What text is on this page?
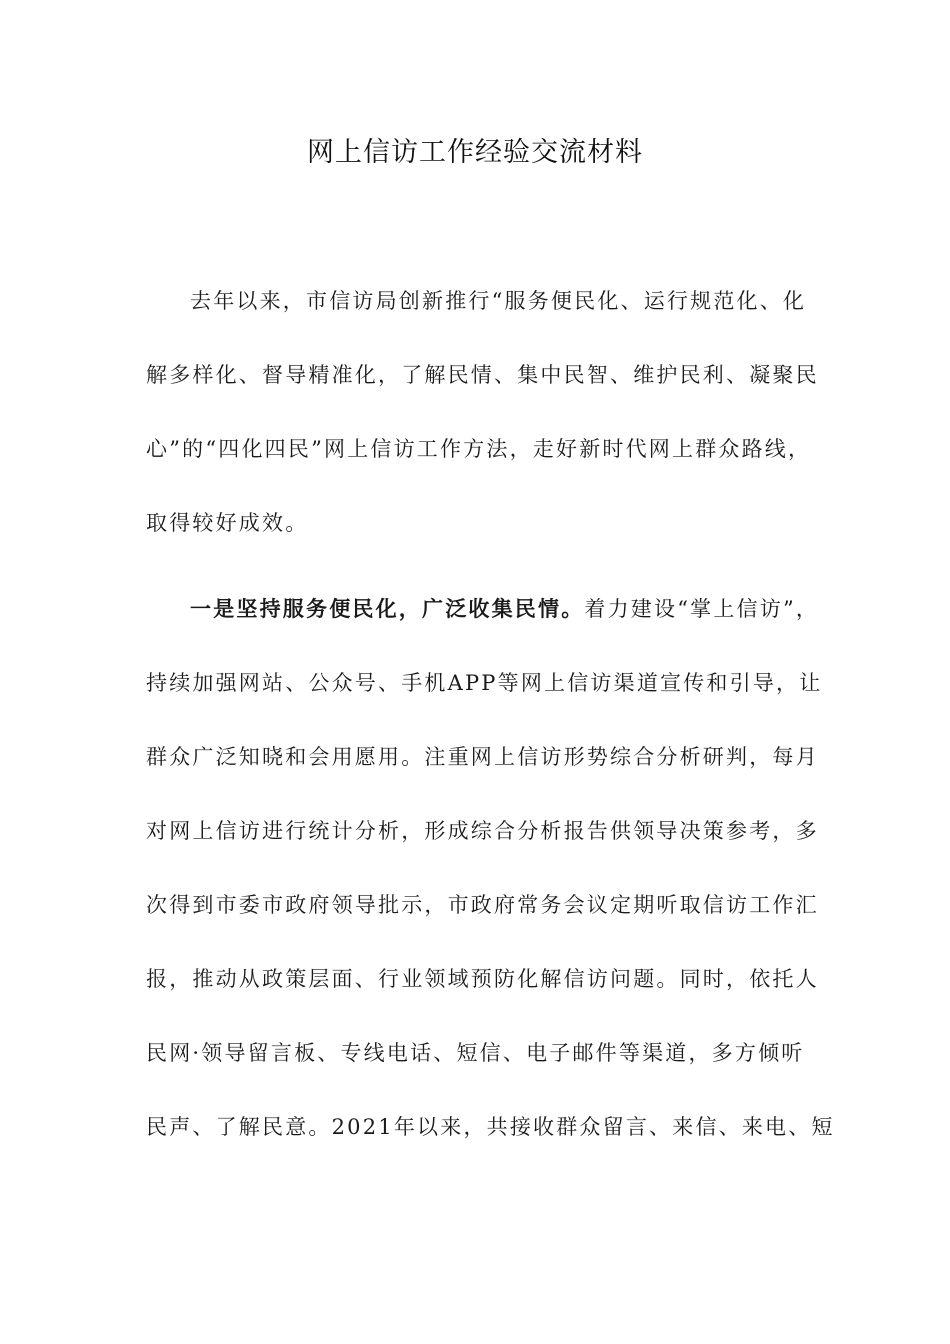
网上信访工作经验交流材料
去年以来，市信访局创新推行“服务便民化、运行规范化、化
解多样化、督导精准化，了解民情、集中民智、维护民利、凝聚民
心”的“四化四民”网上信访工作方法，走好新时代网上群众路线，
取得较好成效。
一是坚持服务便民化，广泛收集民情。着力建设“掌上信访”，
持续加强网站、公众号、手机APP等网上信访渠道宣传和引导，让
群众广泛知晓和会用愿用。注重网上信访形势综合分析研判，每月
对网上信访进行统计分析，形成综合分析报告供领导决策参考，多
次得到市委市政府领导批示，市政府常务会议定期听取信访工作汇
报，推动从政策层面、行业领域预防化解信访问题。同时，依托人
民网·领导留言板、专线电话、短信、电子邮件等渠道，多方倾听
民声、了解民意。2021年以来，共接收群众留言、来信、来电、短
